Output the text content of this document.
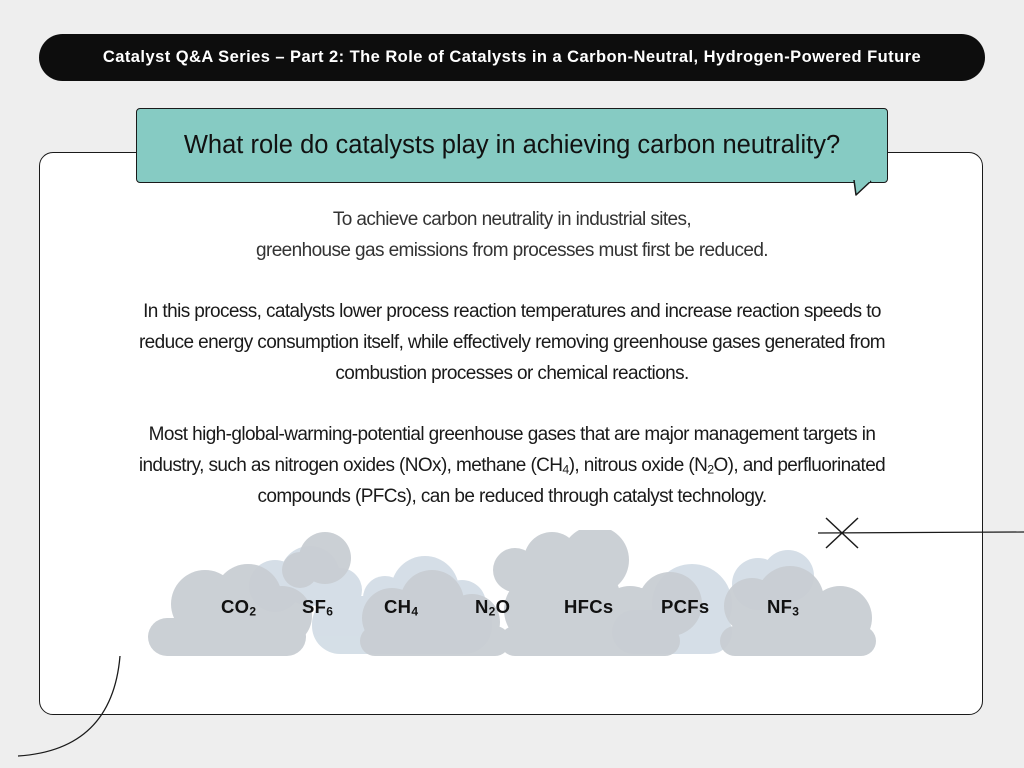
Catalyst Q&A Series – Part 2: The Role of Catalysts in a Carbon-Neutral, Hydrogen-Powered Future
What role do catalysts play in achieving carbon neutrality?
To achieve carbon neutrality in industrial sites,
greenhouse gas emissions from processes must first be reduced.
In this process, catalysts lower process reaction temperatures and increase reaction speeds to
reduce energy consumption itself, while effectively removing greenhouse gases generated from
combustion processes or chemical reactions.
Most high-global-warming-potential greenhouse gases that are major management targets in
industry, such as nitrogen oxides (NOx), methane $(CH_4)$, nitrous oxide $(N_2O)$, and perfluorinated
compounds (PFCs), can be reduced through catalyst technology.
$CO_2$ $SF_6$	$CH_4$	$N_2O$	HFCs	PCFs	$NF_3$
